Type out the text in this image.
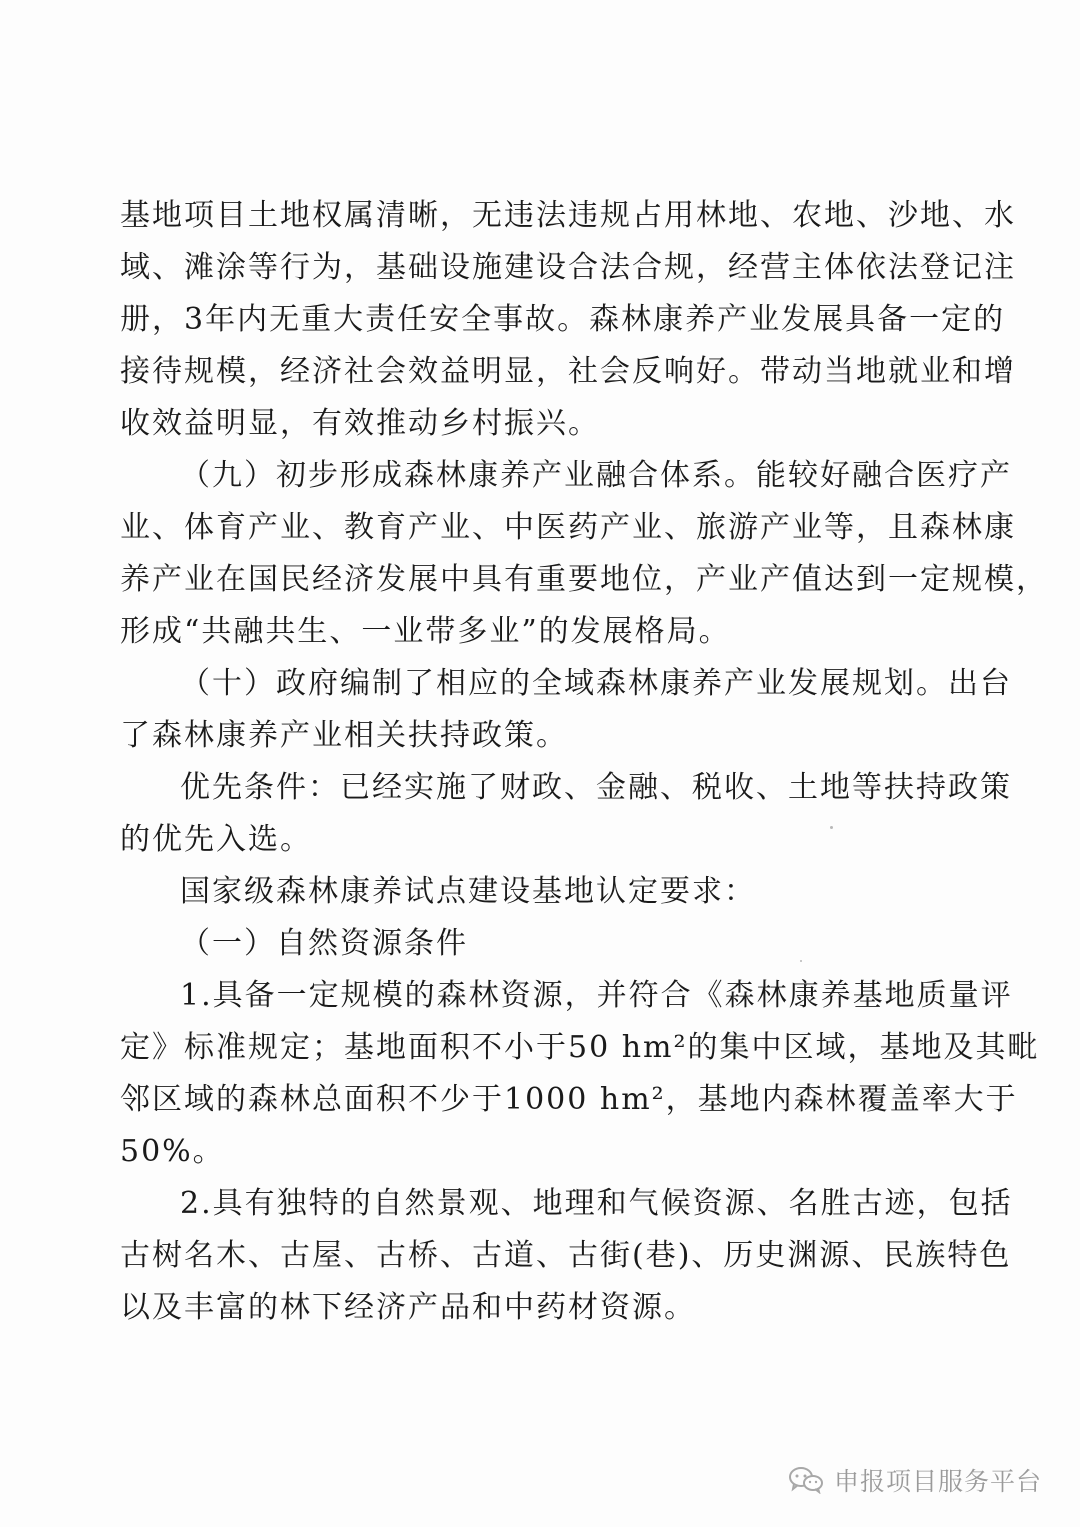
基地项目土地权属清晰，无违法违规占用林地、农地、沙地、水
域、滩涂等行为，基础设施建设合法合规，经营主体依法登记注
册，3年内无重大责任安全事故。森林康养产业发展具备一定的
接待规模，经济社会效益明显，社会反响好。带动当地就业和增
收效益明显，有效推动乡村振兴。
（九）初步形成森林康养产业融合体系。能较好融合医疗产
业、体育产业、教育产业、中医药产业、旅游产业等，且森林康
养产业在国民经济发展中具有重要地位，产业产值达到一定规模，
形成“共融共生、一业带多业”的发展格局。
（十）政府编制了相应的全域森林康养产业发展规划。出台
了森林康养产业相关扶持政策。
优先条件：已经实施了财政、金融、税收、土地等扶持政策
的优先入选。
国家级森林康养试点建设基地认定要求：
（一）自然资源条件
1.具备一定规模的森林资源，并符合《森林康养基地质量评
定》标准规定；基地面积不小于50 hm²的集中区域，基地及其毗
邻区域的森林总面积不少于1000 hm²，基地内森林覆盖率大于
50%。
2.具有独特的自然景观、地理和气候资源、名胜古迹，包括
古树名木、古屋、古桥、古道、古街(巷)、历史渊源、民族特色
以及丰富的林下经济产品和中药材资源。
申报项目服务平台
